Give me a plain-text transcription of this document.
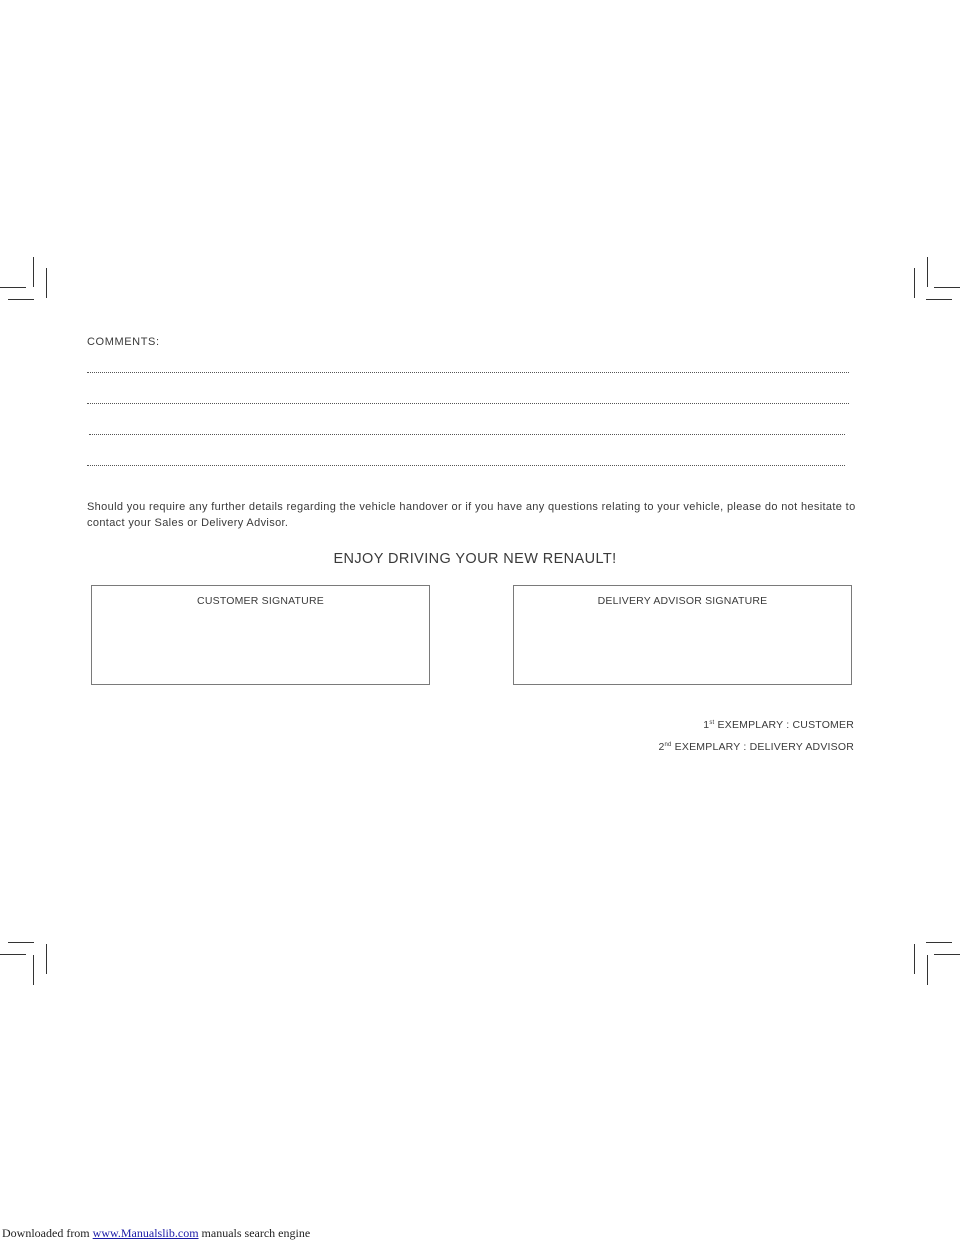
COMMENTS:
Should you require any further details regarding the vehicle handover or if you have any questions relating to your vehicle, please do not hesitate to contact your Sales or Delivery Advisor.
ENJOY DRIVING YOUR NEW RENAULT!
CUSTOMER SIGNATURE	DELIVERY ADVISOR SIGNATURE
1st EXEMPLARY : CUSTOMER
2nd EXEMPLARY : DELIVERY ADVISOR
Downloaded from www.Manualslib.com manuals search engine
